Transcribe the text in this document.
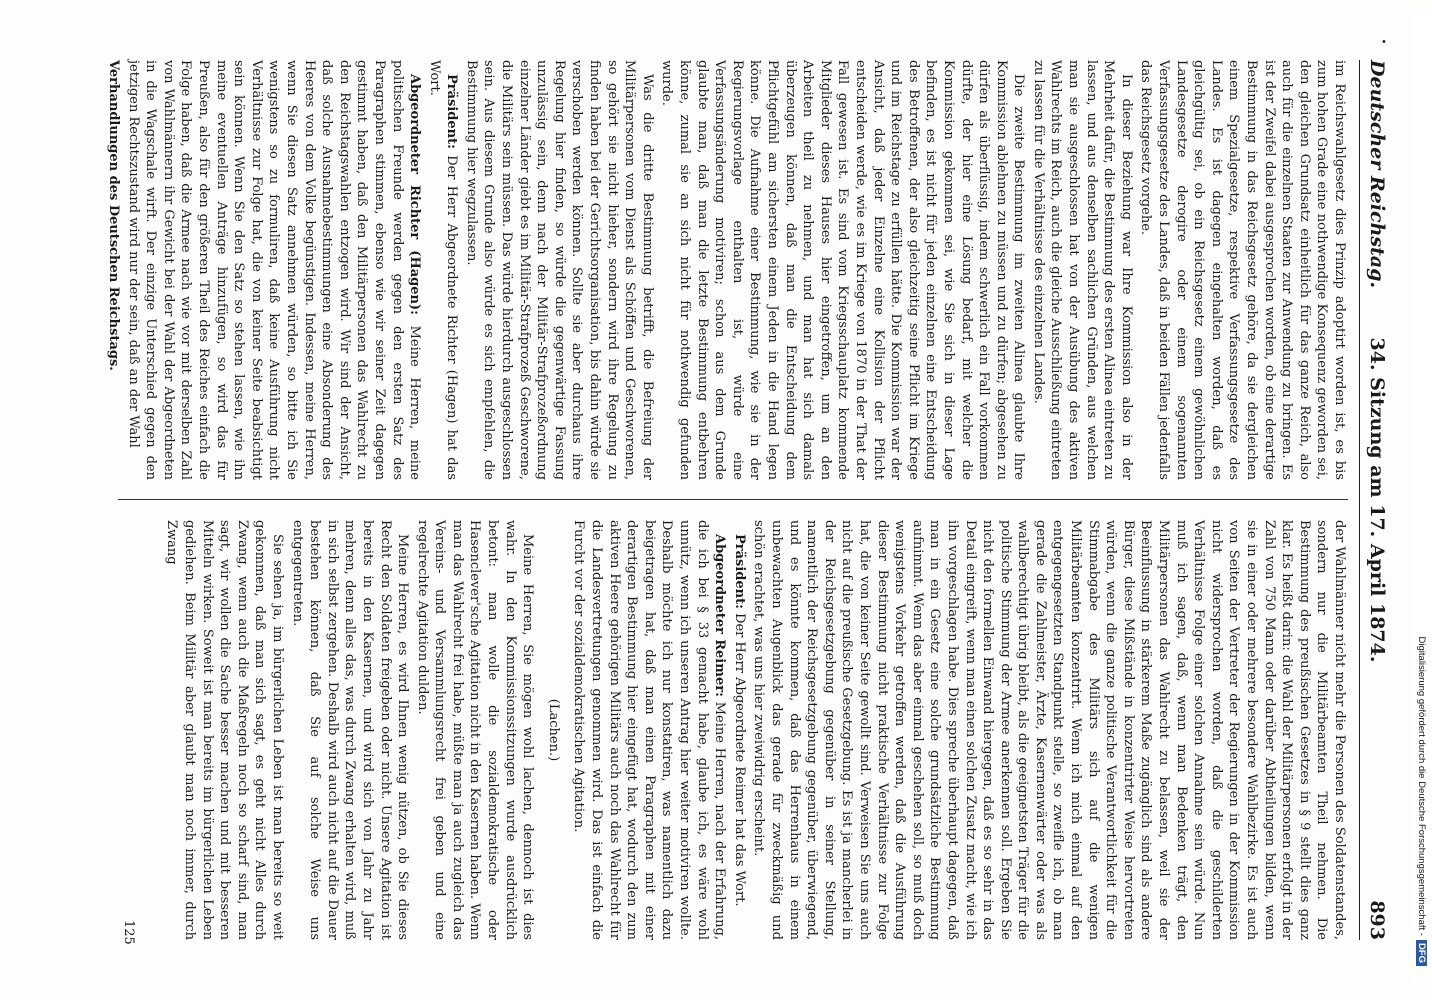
·
Deutscher Reichstag.
34. Sitzung am 17. April 1874.
893

im Reichswahlgesetz dies Prinzip adoptirt worden ist, es bis zum hohen Grade eine nothwendige Konsequenz geworden sei, den gleichen Grundsatz einheitlich für das ganze Reich, also auch für die einzelnen Staaten zur Anwendung zu bringen. Es ist der Zweifel dabei ausgesprochen worden, ob eine derartige Bestimmung in das Reichsgesetz gehöre, da sie dergleichen einem Spezialgesetze, respektive Verfassungsgesetze des Landes. Es ist dagegen eingehalten worden, daß es gleichgültig sei, ob ein Reichsgesetz einem gewöhnlichen Landesgesetze derogire oder einem sogenannten Verfassungsgesetze des Landes, daß in beiden Fällen jedenfalls das Reichsgesetz vorgehe.

In dieser Beziehung war Ihre Kommission also in der Mehrheit dafür, die Bestimmung des ersten Alinea eintreten zu lassen, und aus denselben sachlichen Gründen, aus welchen man sie ausgeschlossen hat von der Ausübung des aktiven Wahlrechts im Reich, auch die gleiche Ausschließung eintreten zu lassen für die Verhältnisse des einzelnen Landes.

Die zweite Bestimmung im zweiten Alinea glaubte Ihre Kommission ablehnen zu müssen und zu dürfen; abgesehen zu dürfen als überflüssig, indem schwerlich ein Fall vorkommen dürfte, der hier eine Lösung bedarf, mit welcher die Kommission gekommen sei, wie Sie sich in dieser Lage befinden, es ist nicht für jeden einzelnen eine Entscheidung des Betroffenen, der also gleichzeitig seine Pflicht im Kriege und im Reichstage zu erfüllen hätte. Die Kommission war der Ansicht, daß jeder Einzelne eine Kollision der Pflicht entscheiden werde, wie es im Kriege von 1870 in der That der Fall gewesen ist. Es sind vom Kriegsschauplatz kommende Mitglieder dieses Hauses hier eingetroffen, um an den Arbeiten theil zu nehmen, und man hat sich damals überzeugen können, daß man die Entscheidung dem Pflichtgefühl am sichersten einem Jeden in die Hand legen könne. Die Aufnahme einer Bestimmung, wie sie in der Regierungsvorlage enthalten ist, würde eine Verfassungsänderung motiviren; schon aus dem Grunde glaubte man, daß man die letzte Bestimmung entbehren könne, zumal sie an sich nicht für nothwendig gefunden wurde.

Was die dritte Bestimmung betrifft, die Befreiung der Militärpersonen vom Dienst als Schöffen und Geschworenen, so gehört sie nicht hieher, sondern wird ihre Regelung zu finden haben bei der Gerichtsorganisation, bis dahin würde sie verschoben werden können. Sollte sie aber durchaus ihre Regelung hier finden, so würde die gegenwärtige Fassung unzulässig sein, denn nach der Militär-Strafprozeßordnung einzelner Länder giebt es im Militär-Strafprozeß Geschworene, die Militärs sein müssen. Das würde hierdurch ausgeschlossen sein. Aus diesem Grunde also würde es sich empfehlen, die Bestimmung hier wegzulassen.

Präsident: Der Herr Abgeordnete Richter (Hagen) hat das Wort.

Abgeordneter Richter (Hagen): Meine Herren, meine politischen Freunde werden gegen den ersten Satz des Paragraphen stimmen, ebenso wie wir seiner Zeit dagegen gestimmt haben, daß den Militärpersonen das Wahlrecht zu den Reichstagswahlen entzogen wird. Wir sind der Ansicht, daß solche Ausnahmebestimmungen eine Absonderung des Heeres von dem Volke begünstigen. Indessen, meine Herren, wenn Sie diesen Satz annehmen würden, so bitte ich Sie wenigstens so zu formuliren, daß keine Ausführung nicht Verhältnisse zur Folge hat, die von keiner Seite beabsichtigt sein können. Wenn Sie den Satz so stehen lassen, wie ihn meine eventuellen Anträge hinzufügen, so wird das für Preußen, also für den größeren Theil des Reiches einfach die Folge haben, daß die Armee nach wie vor mit derselben Zahl von Wahlmännern ihr Gewicht bei der Wahl der Abgeordneten in die Wagschale wirft. Der einzige Unterschied gegen den jetzigen Rechtszustand wird nur der sein, daß an der Wahl

Verhandlungen des Deutschen Reichstags.

der Wahlmänner nicht mehr die Personen des Soldatenstandes, sondern nur die Militärbeamten Theil nehmen. Die Bestimmung des preußischen Gesetzes in § 9 stellt dies ganz klar. Es heißt darin: die Wahl der Militärpersonen erfolgt in der Zahl von 750 Mann oder darüber Abtheilungen bilden, wenn sie in einer oder mehrere besondere Wahlbezirke. Es ist auch von Seiten der Vertreter der Regierungen in der Kommission nicht widersprochen worden, daß die geschilderten Verhältnisse Folge einer solchen Annahme sein würde. Nun muß ich sagen, daß, wenn man Bedenken trägt, den Militärpersonen das Wahlrecht zu belassen, weil sie der Beeinflussung in stärkerem Maße zugänglich sind als andere Bürger, diese Mißstände in konzentrirter Weise hervortreten würden, wenn die ganze politische Verantwortlichkeit für die Stimmabgabe des Militärs sich auf die wenigen Militärbeamten konzentrirt. Wenn ich mich einmal auf den entgegengesetzten Standpunkt stelle, so zweifle ich, ob man gerade die Zahlmeister, Ärzte, Kasernenwärter oder was als wahlberechtigt übrig bleibt, als die geeignetsten Träger für die politische Stimmung der Armee anerkennen soll. Ergeben Sie nicht den formellen Einwand hiergegen, daß es so sehr in das Detail eingreift, wenn man einen solchen Zusatz macht, wie ich ihn vorgeschlagen habe. Dies spreche überhaupt dagegen, daß man in ein Gesetz eine solche grundsätzliche Bestimmung aufnimmt. Wenn das aber einmal geschehen soll, so muß doch wenigstens Vorkehr getroffen werden, daß die Ausführung dieser Bestimmung nicht praktische Verhältnisse zur Folge hat, die von keiner Seite gewollt sind. Verweisen Sie uns auch nicht auf die preußische Gesetzgebung. Es ist ja mancherlei in der Reichsgesetzgebung gegenüber in seiner Stellung, namentlich der Reichsgesetzgebung gegenüber, überwiegend, und es könnte kommen, daß das Herrenhaus in einem unbewachten Augenblick das gerade für zweckmäßig und schön erachtet, was uns hier zweiwidrig erscheint.

Präsident: Der Herr Abgeordnete Reimer hat das Wort.

Abgeordneter Reimer: Meine Herren, nach der Erfahrung, die ich bei § 33 gemacht habe, glaube ich, es wäre wohl unnütz, wenn ich unseren Antrag hier weiter motiviren wollte. Deshalb möchte ich nur konstatiren, was namentlich dazu beigetragen hat, daß man einen Paragraphen mit einer derartigen Bestimmung hier eingefügt hat, wodurch den zum aktiven Heere gehörigen Militärs auch noch das Wahlrecht für die Landesvertretungen genommen wird. Das ist einfach die Furcht vor der sozialdemokratischen Agitation.

(Lachen.)

Meine Herren, Sie mögen wohl lachen, dennoch ist dies wahr. In den Kommissionssitzungen wurde ausdrücklich betont: man wolle die sozialdemokratische oder Hasenclever'sche Agitation nicht in den Kasernen haben. Wenn man das Wahlrecht frei habe, müßte man ja auch zugleich das Vereins- und Versammlungsrecht frei geben und eine regelrechte Agitation dulden.

Meine Herren, es wird Ihnen wenig nützen, ob Sie dieses Recht den Soldaten freigeben oder nicht. Unsere Agitation ist bereits in den Kasernen, und wird sich von Jahr zu Jahr mehren, denn alles das, was durch Zwang erhalten wird, muß in sich selbst zergehen. Deshalb wird auch nicht auf die Dauer bestehen können, daß Sie auf solche Weise uns entgegentreten.

Sie sehen ja, im bürgerlichen Leben ist man bereits so weit gekommen, daß man sich sagt, es geht nicht Alles durch Zwang, wenn auch die Maßregeln noch so scharf sind, man sagt, wir wollen die Sache besser machen und mit besseren Mitteln wirken. Soweit ist man bereits im bürgerlichen Leben gediehen. Beim Militär aber glaubt man noch immer, durch Zwang

125	Digitalisierung gefördert durch die Deutsche Forschungsgemeinschaft -DFG
